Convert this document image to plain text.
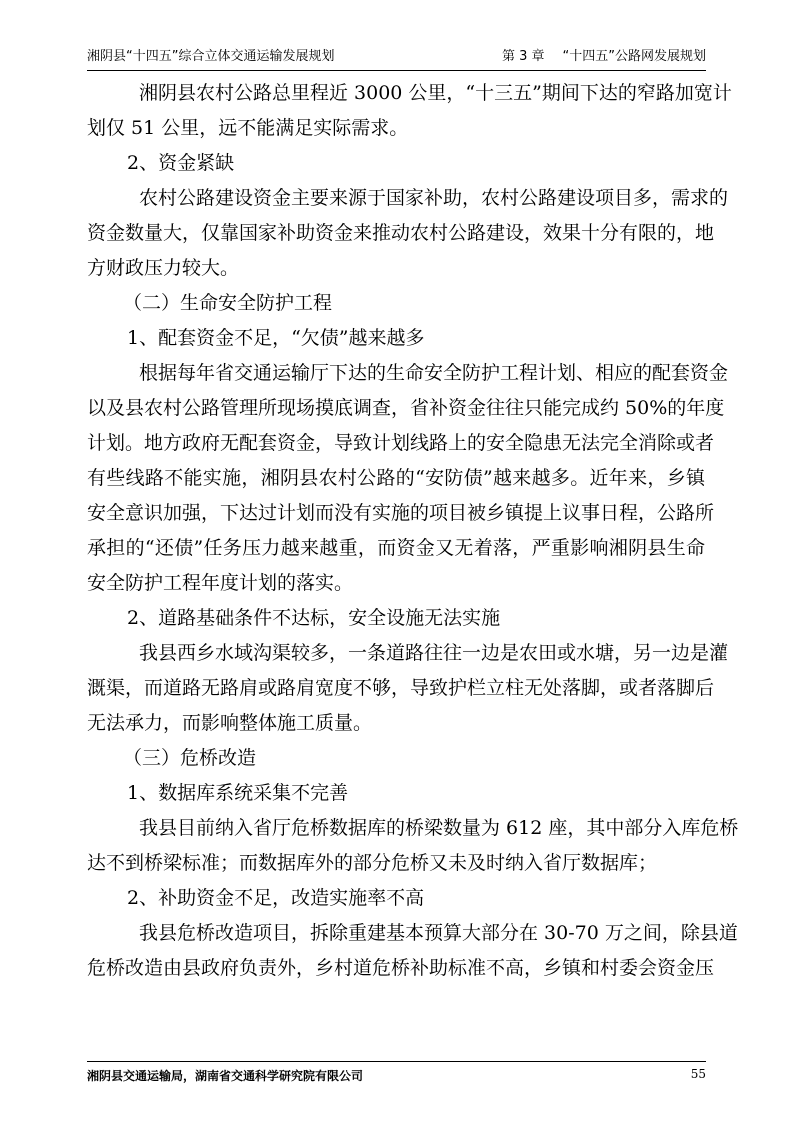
湘阴县“十四五”综合立体交通运输发展规划	第 3 章 “十四五”公路网发展规划
湘阴县农村公路总里程近 3000 公里，“十三五”期间下达的窄路加宽计
划仅 51 公里，远不能满足实际需求。
2、资金紧缺
农村公路建设资金主要来源于国家补助，农村公路建设项目多，需求的
资金数量大，仅靠国家补助资金来推动农村公路建设，效果十分有限的，地
方财政压力较大。
（二）生命安全防护工程
1、配套资金不足，“欠债”越来越多
根据每年省交通运输厅下达的生命安全防护工程计划、相应的配套资金
以及县农村公路管理所现场摸底调查，省补资金往往只能完成约 50%的年度
计划。地方政府无配套资金，导致计划线路上的安全隐患无法完全消除或者
有些线路不能实施，湘阴县农村公路的“安防债”越来越多。近年来，乡镇
安全意识加强，下达过计划而没有实施的项目被乡镇提上议事日程，公路所
承担的“还债”任务压力越来越重，而资金又无着落，严重影响湘阴县生命
安全防护工程年度计划的落实。
2、道路基础条件不达标，安全设施无法实施
我县西乡水域沟渠较多，一条道路往往一边是农田或水塘，另一边是灌
溉渠，而道路无路肩或路肩宽度不够，导致护栏立柱无处落脚，或者落脚后
无法承力，而影响整体施工质量。
（三）危桥改造
1、数据库系统采集不完善
我县目前纳入省厅危桥数据库的桥梁数量为 612 座，其中部分入库危桥
达不到桥梁标准；而数据库外的部分危桥又未及时纳入省厅数据库；
2、补助资金不足，改造实施率不高
我县危桥改造项目，拆除重建基本预算大部分在 30-70 万之间，除县道
危桥改造由县政府负责外，乡村道危桥补助标准不高，乡镇和村委会资金压
湘阴县交通运输局，湖南省交通科学研究院有限公司	55
